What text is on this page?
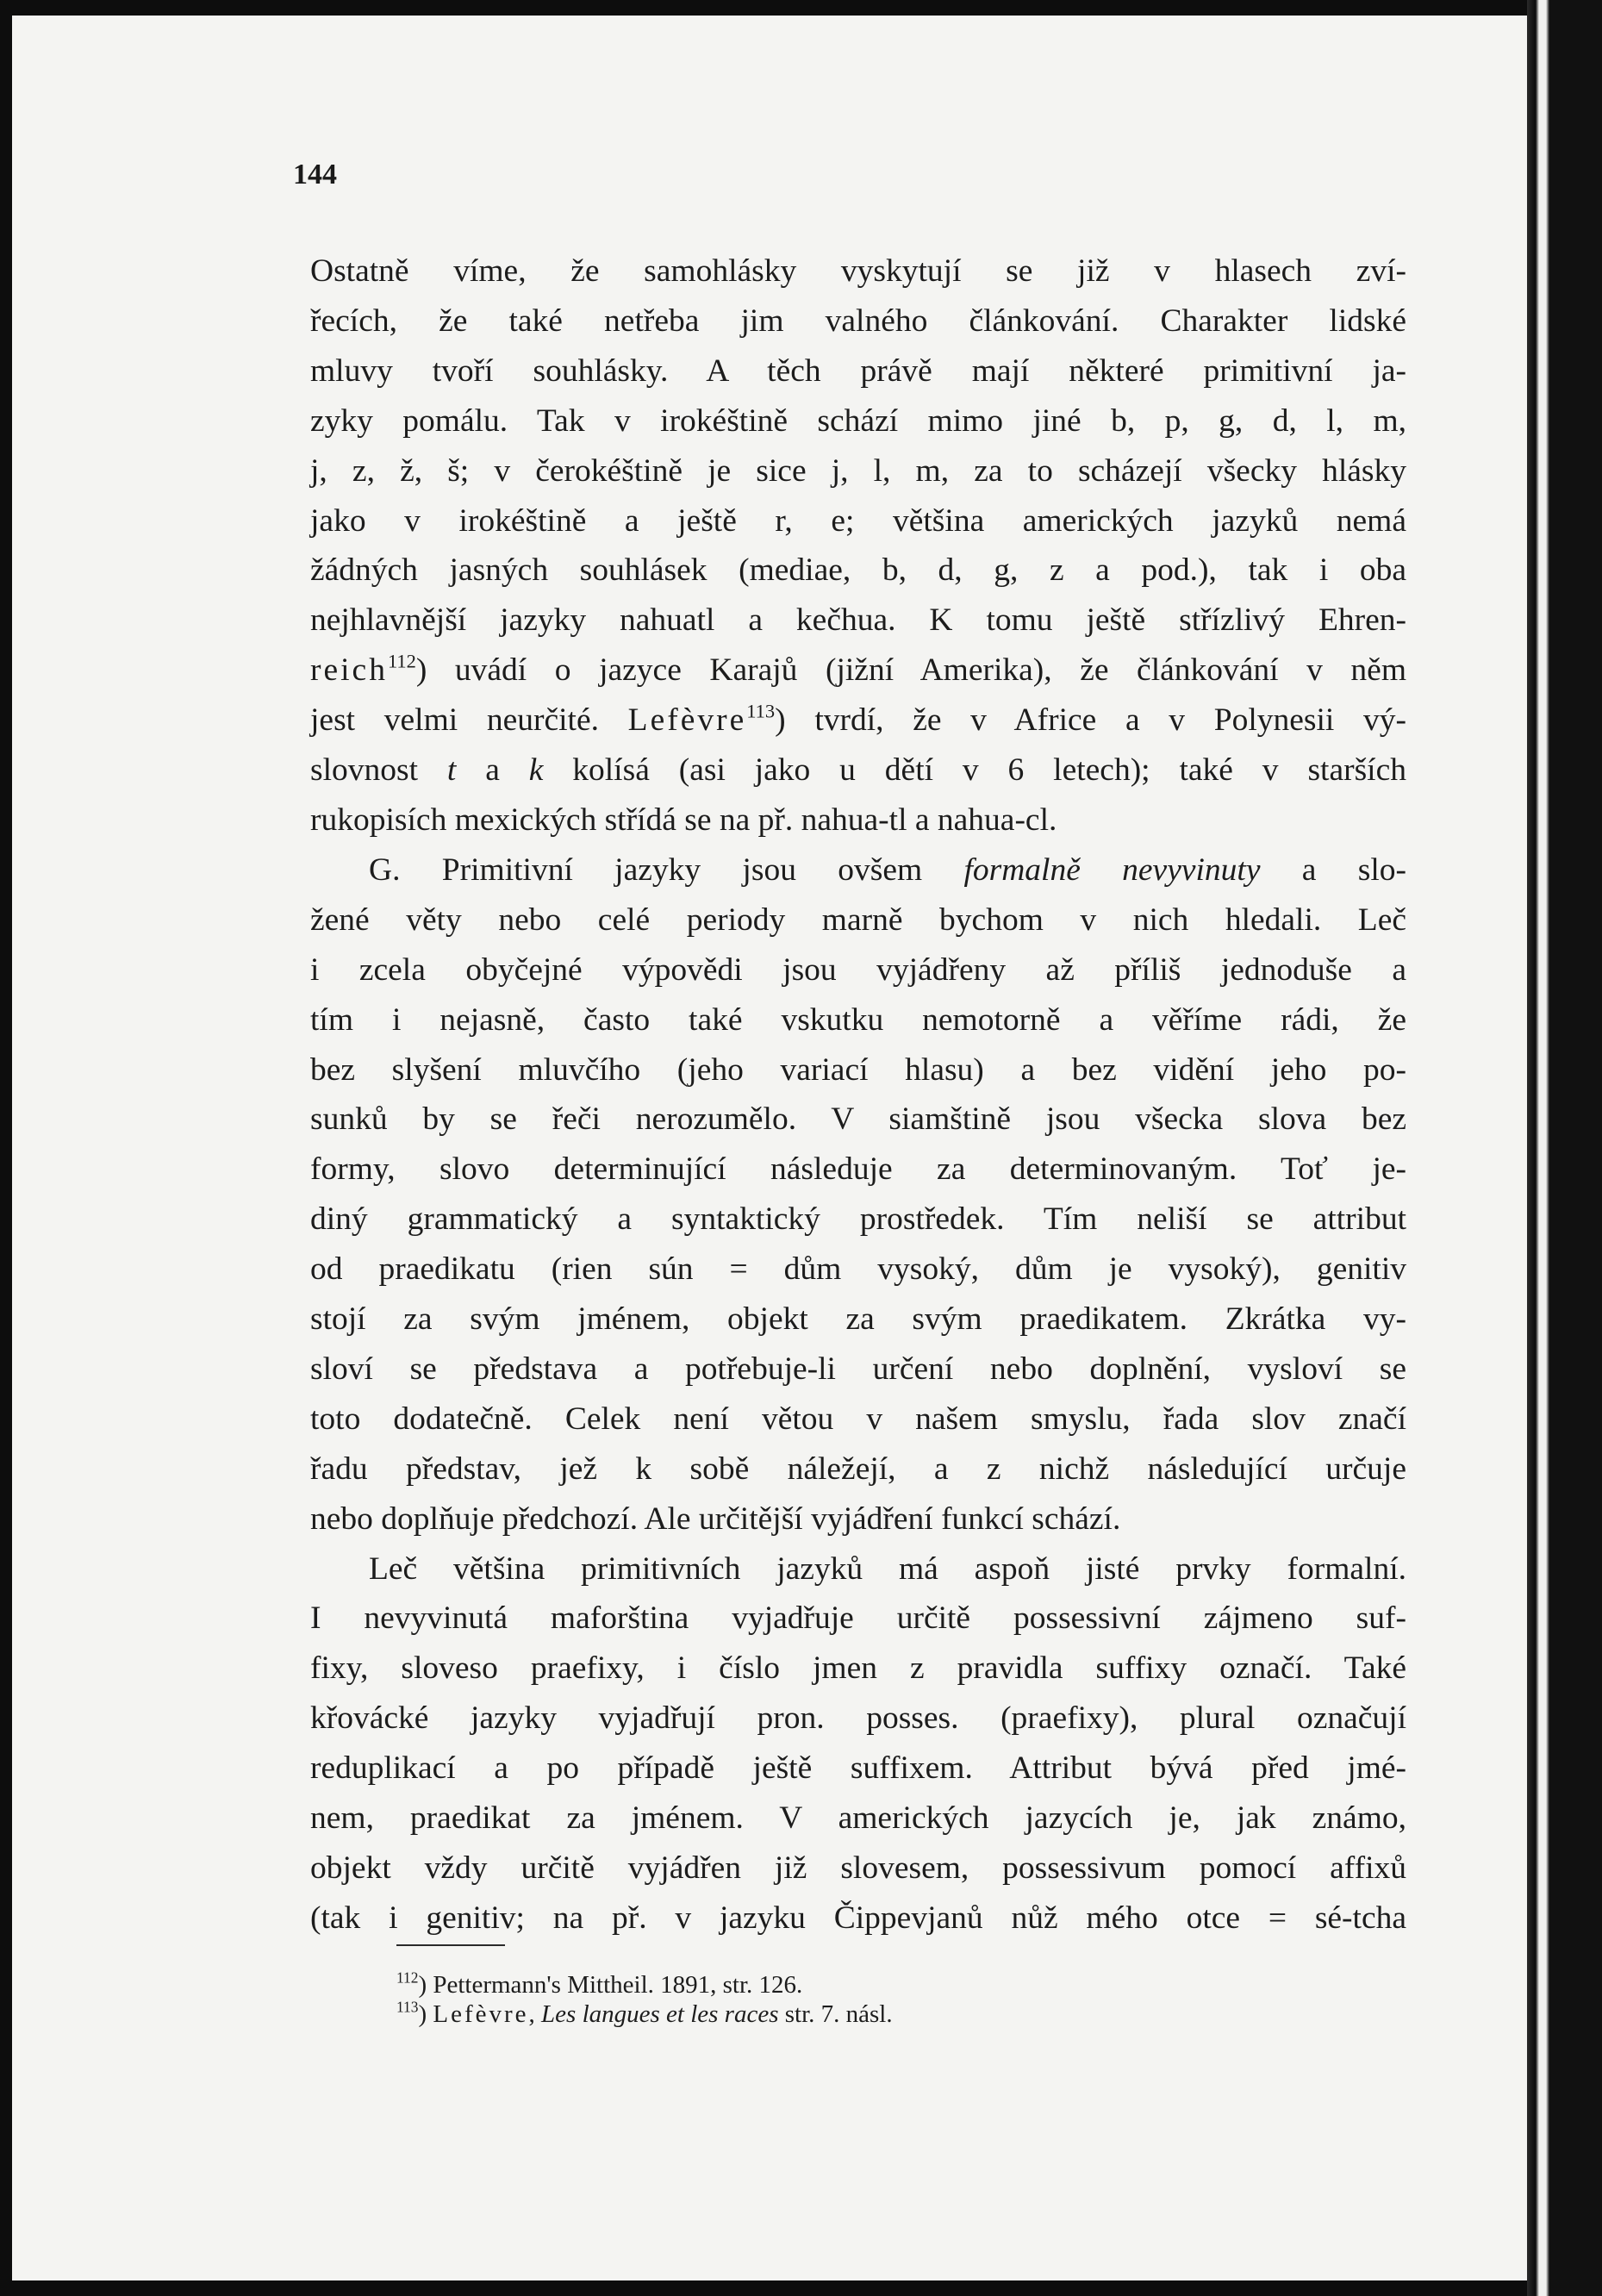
144
Ostatně víme, že samohlásky vyskytují se již v hlasech zví-
řecích, že také netřeba jim valného článkování. Charakter lidské
mluvy tvoří souhlásky. A těch právě mají některé primitivní ja-
zyky pomálu. Tak v irokéštině schází mimo jiné b, p, g, d, l, m,
j, z, ž, š; v čerokéštině je sice j, l, m, za to scházejí všecky hlásky
jako v irokéštině a ještě r, e; většina amerických jazyků nemá
žádných jasných souhlásek (mediae, b, d, g, z a pod.), tak i oba
nejhlavnější jazyky nahuatl a kečhua. K tomu ještě střízlivý Ehren-
reich$^{112}$) uvádí o jazyce Karajů (jižní Amerika), že článkování v něm
jest velmi neurčité. Lefèvre$^{113}$) tvrdí, že v Africe a v Polynesii vý-
slovnost t a k kolísá (asi jako u dětí v 6 letech); také v starších
rukopisích mexických střídá se na př. nahua-tl a nahua-cl.
G. Primitivní jazyky jsou ovšem formalně nevyvinuty a slo-
žené věty nebo celé periody marně bychom v nich hledali. Leč
i zcela obyčejné výpovědi jsou vyjádřeny až příliš jednoduše a
tím i nejasně, často také vskutku nemotorně a věříme rádi, že
bez slyšení mluvčího (jeho variací hlasu) a bez vidění jeho po-
sunků by se řeči nerozumělo. V siamštině jsou všecka slova bez
formy, slovo determinující následuje za determinovaným. Toť je-
diný grammatický a syntaktický prostředek. Tím neliší se attribut
od praedikatu (rien sún = dům vysoký, dům je vysoký), genitiv
stojí za svým jménem, objekt za svým praedikatem. Zkrátka vy-
sloví se představa a potřebuje-li určení nebo doplnění, vysloví se
toto dodatečně. Celek není větou v našem smyslu, řada slov značí
řadu představ, jež k sobě náležejí, a z nichž následující určuje
nebo doplňuje předchozí. Ale určitější vyjádření funkcí schází.
Leč většina primitivních jazyků má aspoň jisté prvky formalní.
I nevyvinutá maforština vyjadřuje určitě possessivní zájmeno suf-
fixy, sloveso praefixy, i číslo jmen z pravidla suffixy označí. Také
křovácké jazyky vyjadřují pron. posses. (praefixy), plural označují
reduplikací a po případě ještě suffixem. Attribut bývá před jmé-
nem, praedikat za jménem. V amerických jazycích je, jak známo,
objekt vždy určitě vyjádřen již slovesem, possessivum pomocí affixů
(tak i genitiv; na př. v jazyku Čippevjanů nůž mého otce = sé-tcha
$^{112}$) Pettermann's Mittheil. 1891, str. 126.
$^{113}$) Lefèvre, Les langues et les races str. 7. násl.
